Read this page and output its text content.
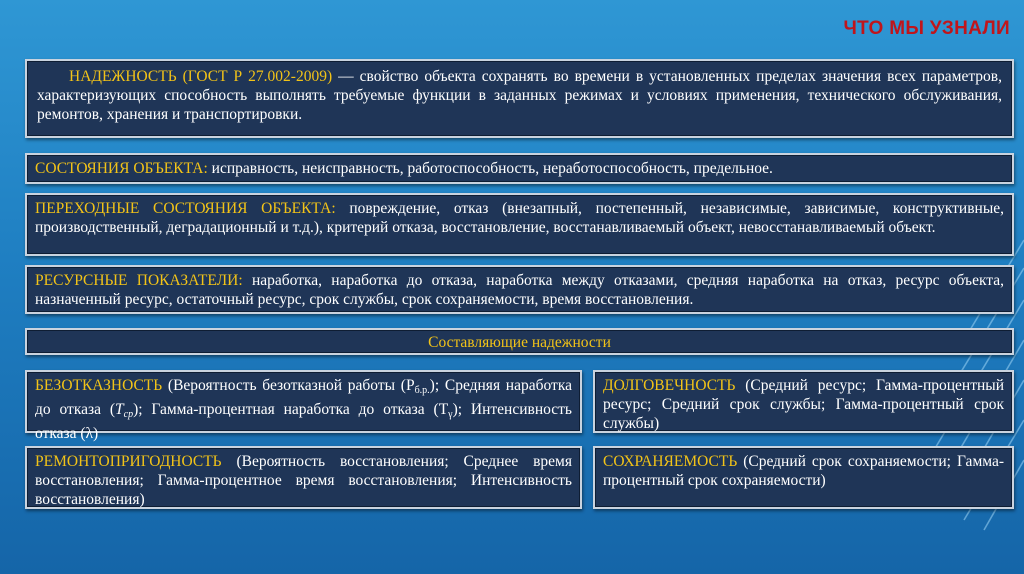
ЧТО МЫ УЗНАЛИ
НАДЕЖНОСТЬ (ГОСТ Р 27.002-2009) — свойство объекта сохранять во времени в установленных пределах значения всех параметров, характеризующих способность выполнять требуемые функции в заданных режимах и условиях применения, технического обслуживания, ремонтов, хранения и транспортировки.
СОСТОЯНИЯ ОБЪЕКТА: исправность, неисправность, работоспособность, неработоспособность, предельное.
ПЕРЕХОДНЫЕ СОСТОЯНИЯ ОБЪЕКТА: повреждение, отказ (внезапный, постепенный, независимые, зависимые, конструктивные, производственный, деградационный и т.д.), критерий отказа, восстановление, восстанавливаемый объект, невосстанавливаемый объект.
РЕСУРСНЫЕ ПОКАЗАТЕЛИ: наработка, наработка до отказа, наработка между отказами, средняя наработка на отказ, ресурс объекта, назначенный ресурс, остаточный ресурс, срок службы, срок сохраняемости, время восстановления.
Составляющие надежности
БЕЗОТКАЗНОСТЬ (Вероятность безотказной работы $(Р_{б.р.})$; Средняя наработка до отказа $(T_{ср})$; Гамма-процентная наработка до отказа $(Т_\gamma)$; Интенсивность отказа (λ)
ДОЛГОВЕЧНОСТЬ (Средний ресурс; Гамма-процентный ресурс; Средний срок службы; Гамма-процентный срок службы)
РЕМОНТОПРИГОДНОСТЬ (Вероятность восстановления; Среднее время восстановления; Гамма-процентное время восстановления; Интенсивность восстановления)
СОХРАНЯЕМОСТЬ (Средний срок сохраняемости; Гамма-процентный срок сохраняемости)
